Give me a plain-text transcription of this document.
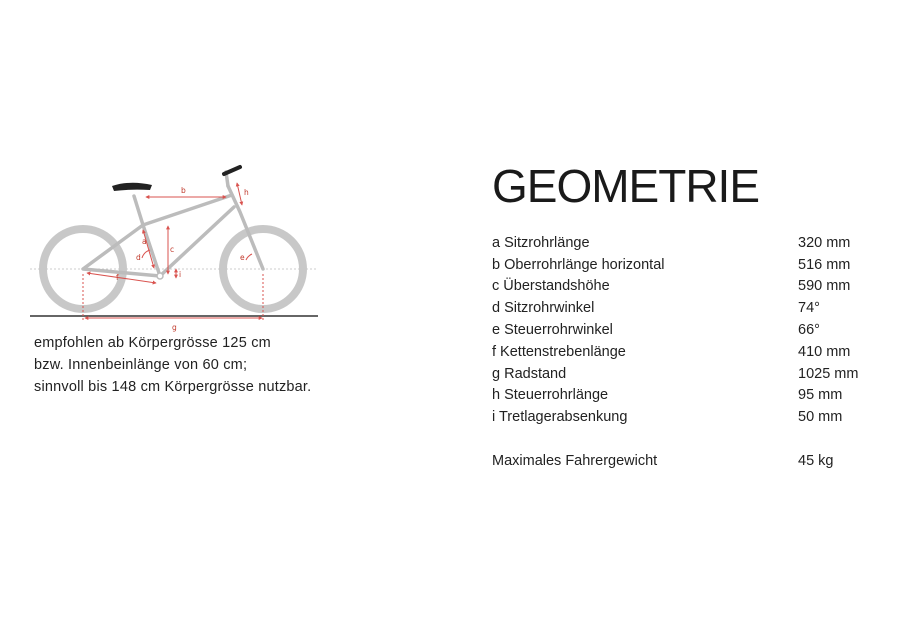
a
b
c
d	e
f
g
h
i
empfohlen ab Körpergrösse 125 cm
bzw. Innenbeinlänge von 60 cm;
sinnvoll bis 148 cm Körpergrösse nutzbar.
GEOMETRIE
a Sitzrohrlänge	320 mm
b Oberrohrlänge horizontal	516 mm
c Überstandshöhe	590 mm
d Sitzrohrwinkel	74°
e Steuerrohrwinkel	66°
f Kettenstrebenlänge	410 mm
g Radstand	1025 mm
h Steuerrohrlänge	95 mm
i Tretlagerabsenkung	50 mm
Maximales Fahrergewicht	45 kg
